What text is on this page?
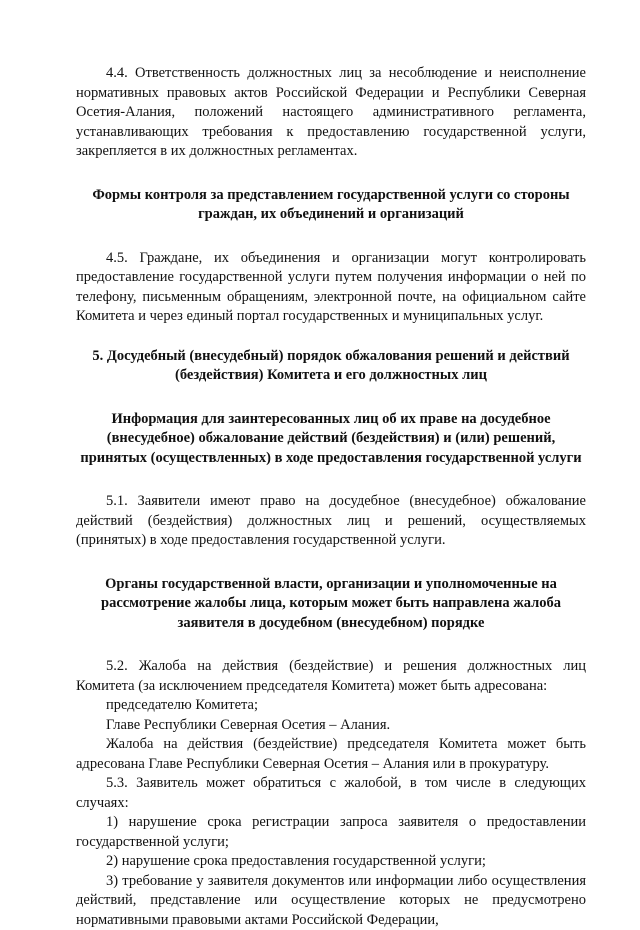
4.4. Ответственность должностных лиц за несоблюдение и неисполнение нормативных правовых актов Российской Федерации и Республики Северная Осетия-Алания, положений настоящего административного регламента, устанавливающих требования к предоставлению государственной услуги, закрепляется в их должностных регламентах.

Формы контроля за представлением государственной услуги со стороны граждан, их объединений и организаций

4.5. Граждане, их объединения и организации могут контролировать предоставление государственной услуги путем получения информации о ней по телефону, письменным обращениям, электронной почте, на официальном сайте Комитета и через единый портал государственных и муниципальных услуг.

5. Досудебный (внесудебный) порядок обжалования решений и действий (бездействия) Комитета и его должностных лиц

Информация для заинтересованных лиц об их праве на досудебное (внесудебное) обжалование действий (бездействия) и (или) решений, принятых (осуществленных) в ходе предоставления государственной услуги

5.1. Заявители имеют право на досудебное (внесудебное) обжалование действий (бездействия) должностных лиц и решений, осуществляемых (принятых) в ходе предоставления государственной услуги.

Органы государственной власти, организации и уполномоченные на рассмотрение жалобы лица, которым может быть направлена жалоба заявителя в досудебном (внесудебном) порядке

5.2. Жалоба на действия (бездействие) и решения должностных лиц Комитета (за исключением председателя Комитета) может быть адресована:

председателю Комитета;

Главе Республики Северная Осетия – Алания.

Жалоба на действия (бездействие) председателя Комитета может быть адресована Главе Республики Северная Осетия – Алания или в прокуратуру.

5.3. Заявитель может обратиться с жалобой, в том числе в следующих случаях:

1) нарушение срока регистрации запроса заявителя о предоставлении государственной услуги;

2) нарушение срока предоставления государственной услуги;

3) требование у заявителя документов или информации либо осуществления действий, представление или осуществление которых не предусмотрено нормативными правовыми актами Российской Федерации,
